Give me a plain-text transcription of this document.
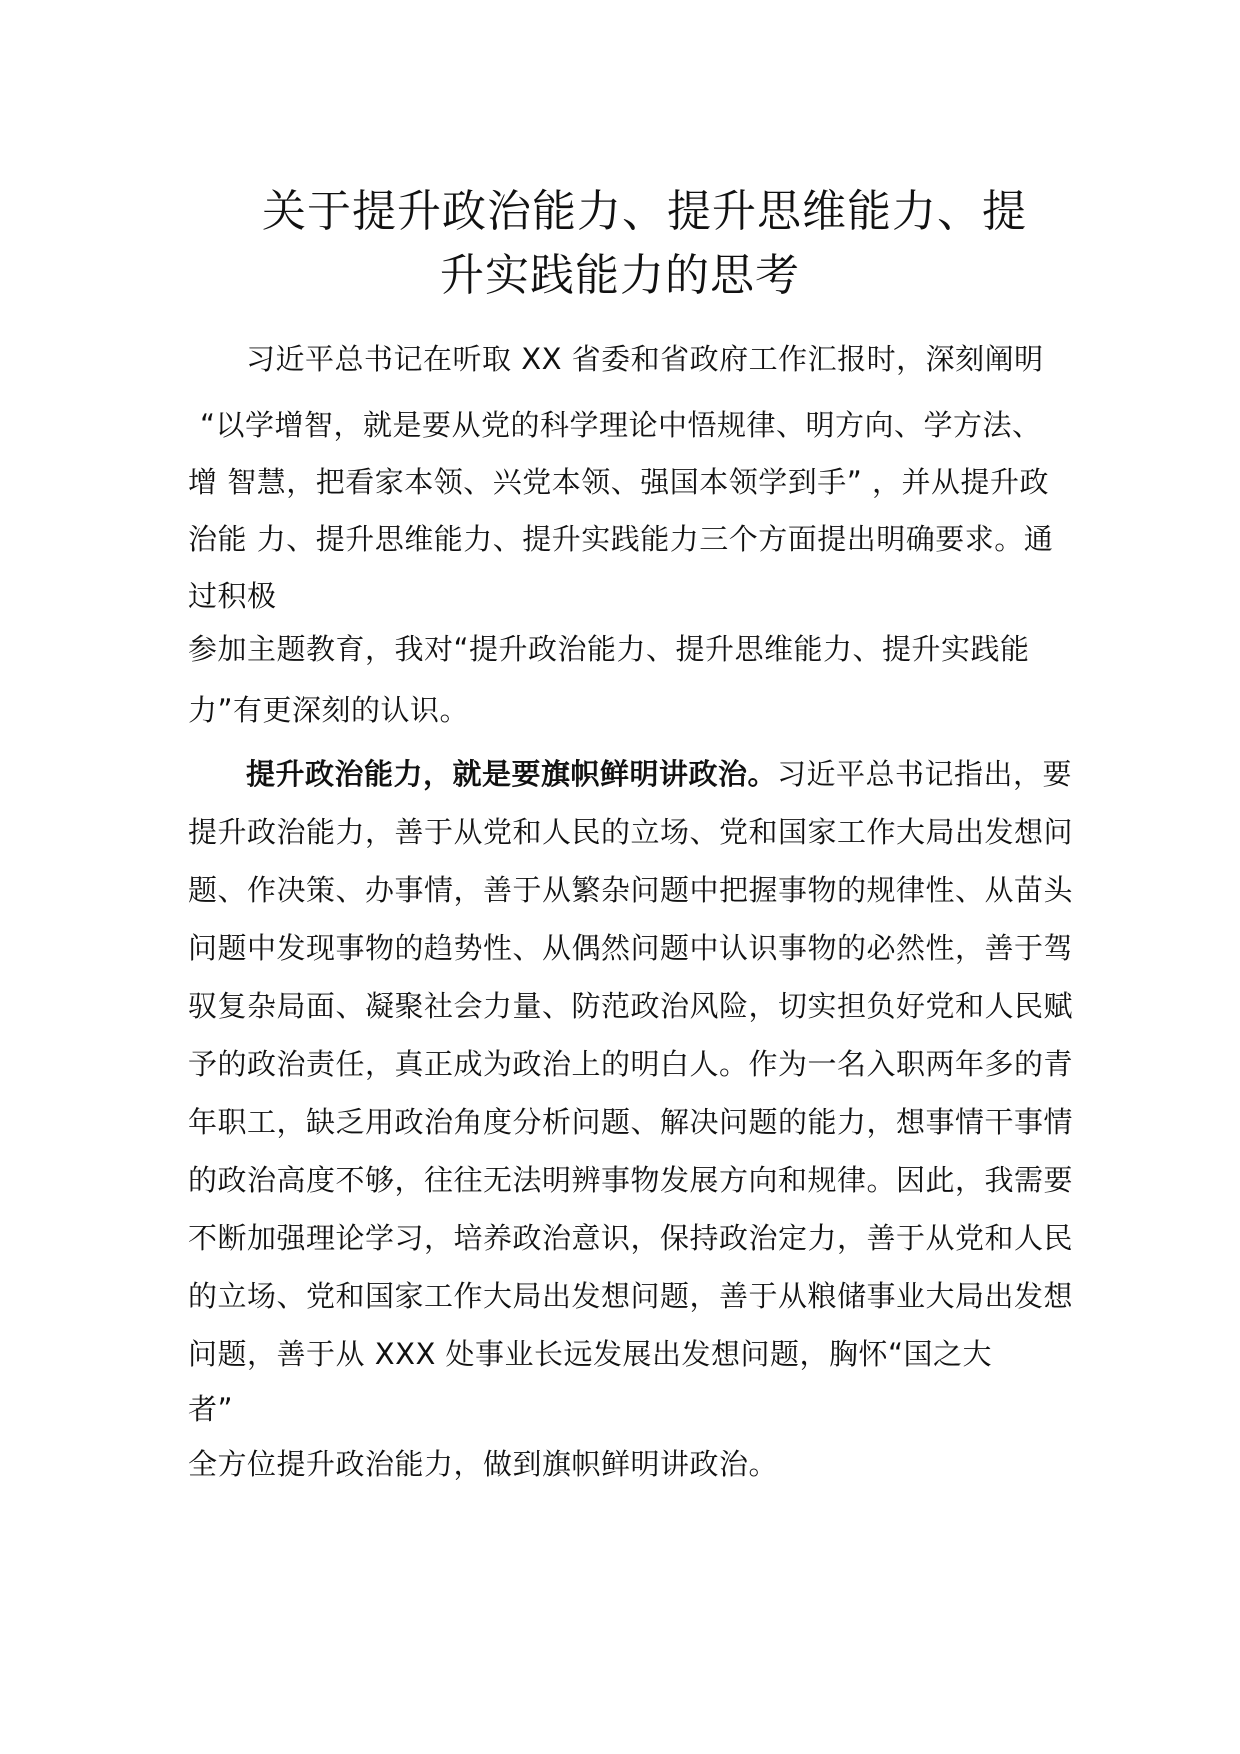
关于提升政治能力、提升思维能力、提
升实践能力的思考
习近平总书记在听取 XX 省委和省政府工作汇报时，深刻阐明
“以学增智，就是要从党的科学理论中悟规律、明方向、学方法、
增 智慧，把看家本领、兴党本领、强国本领学到手” ，并从提升政
治能 力、提升思维能力、提升实践能力三个方面提出明确要求。通
过积极
参加主题教育，我对“提升政治能力、提升思维能力、提升实践能
力”有更深刻的认识。
提升政治能力，就是要旗帜鲜明讲政治。习近平总书记指出，要
提升政治能力，善于从党和人民的立场、党和国家工作大局出发想问
题、作决策、办事情，善于从繁杂问题中把握事物的规律性、从苗头
问题中发现事物的趋势性、从偶然问题中认识事物的必然性，善于驾
驭复杂局面、凝聚社会力量、防范政治风险，切实担负好党和人民赋
予的政治责任，真正成为政治上的明白人。作为一名入职两年多的青
年职工，缺乏用政治角度分析问题、解决问题的能力，想事情干事情
的政治高度不够，往往无法明辨事物发展方向和规律。因此，我需要
不断加强理论学习，培养政治意识，保持政治定力，善于从党和人民
的立场、党和国家工作大局出发想问题，善于从粮储事业大局出发想
问题，善于从 XXX 处事业长远发展出发想问题，胸怀“国之大
者”
全方位提升政治能力，做到旗帜鲜明讲政治。
